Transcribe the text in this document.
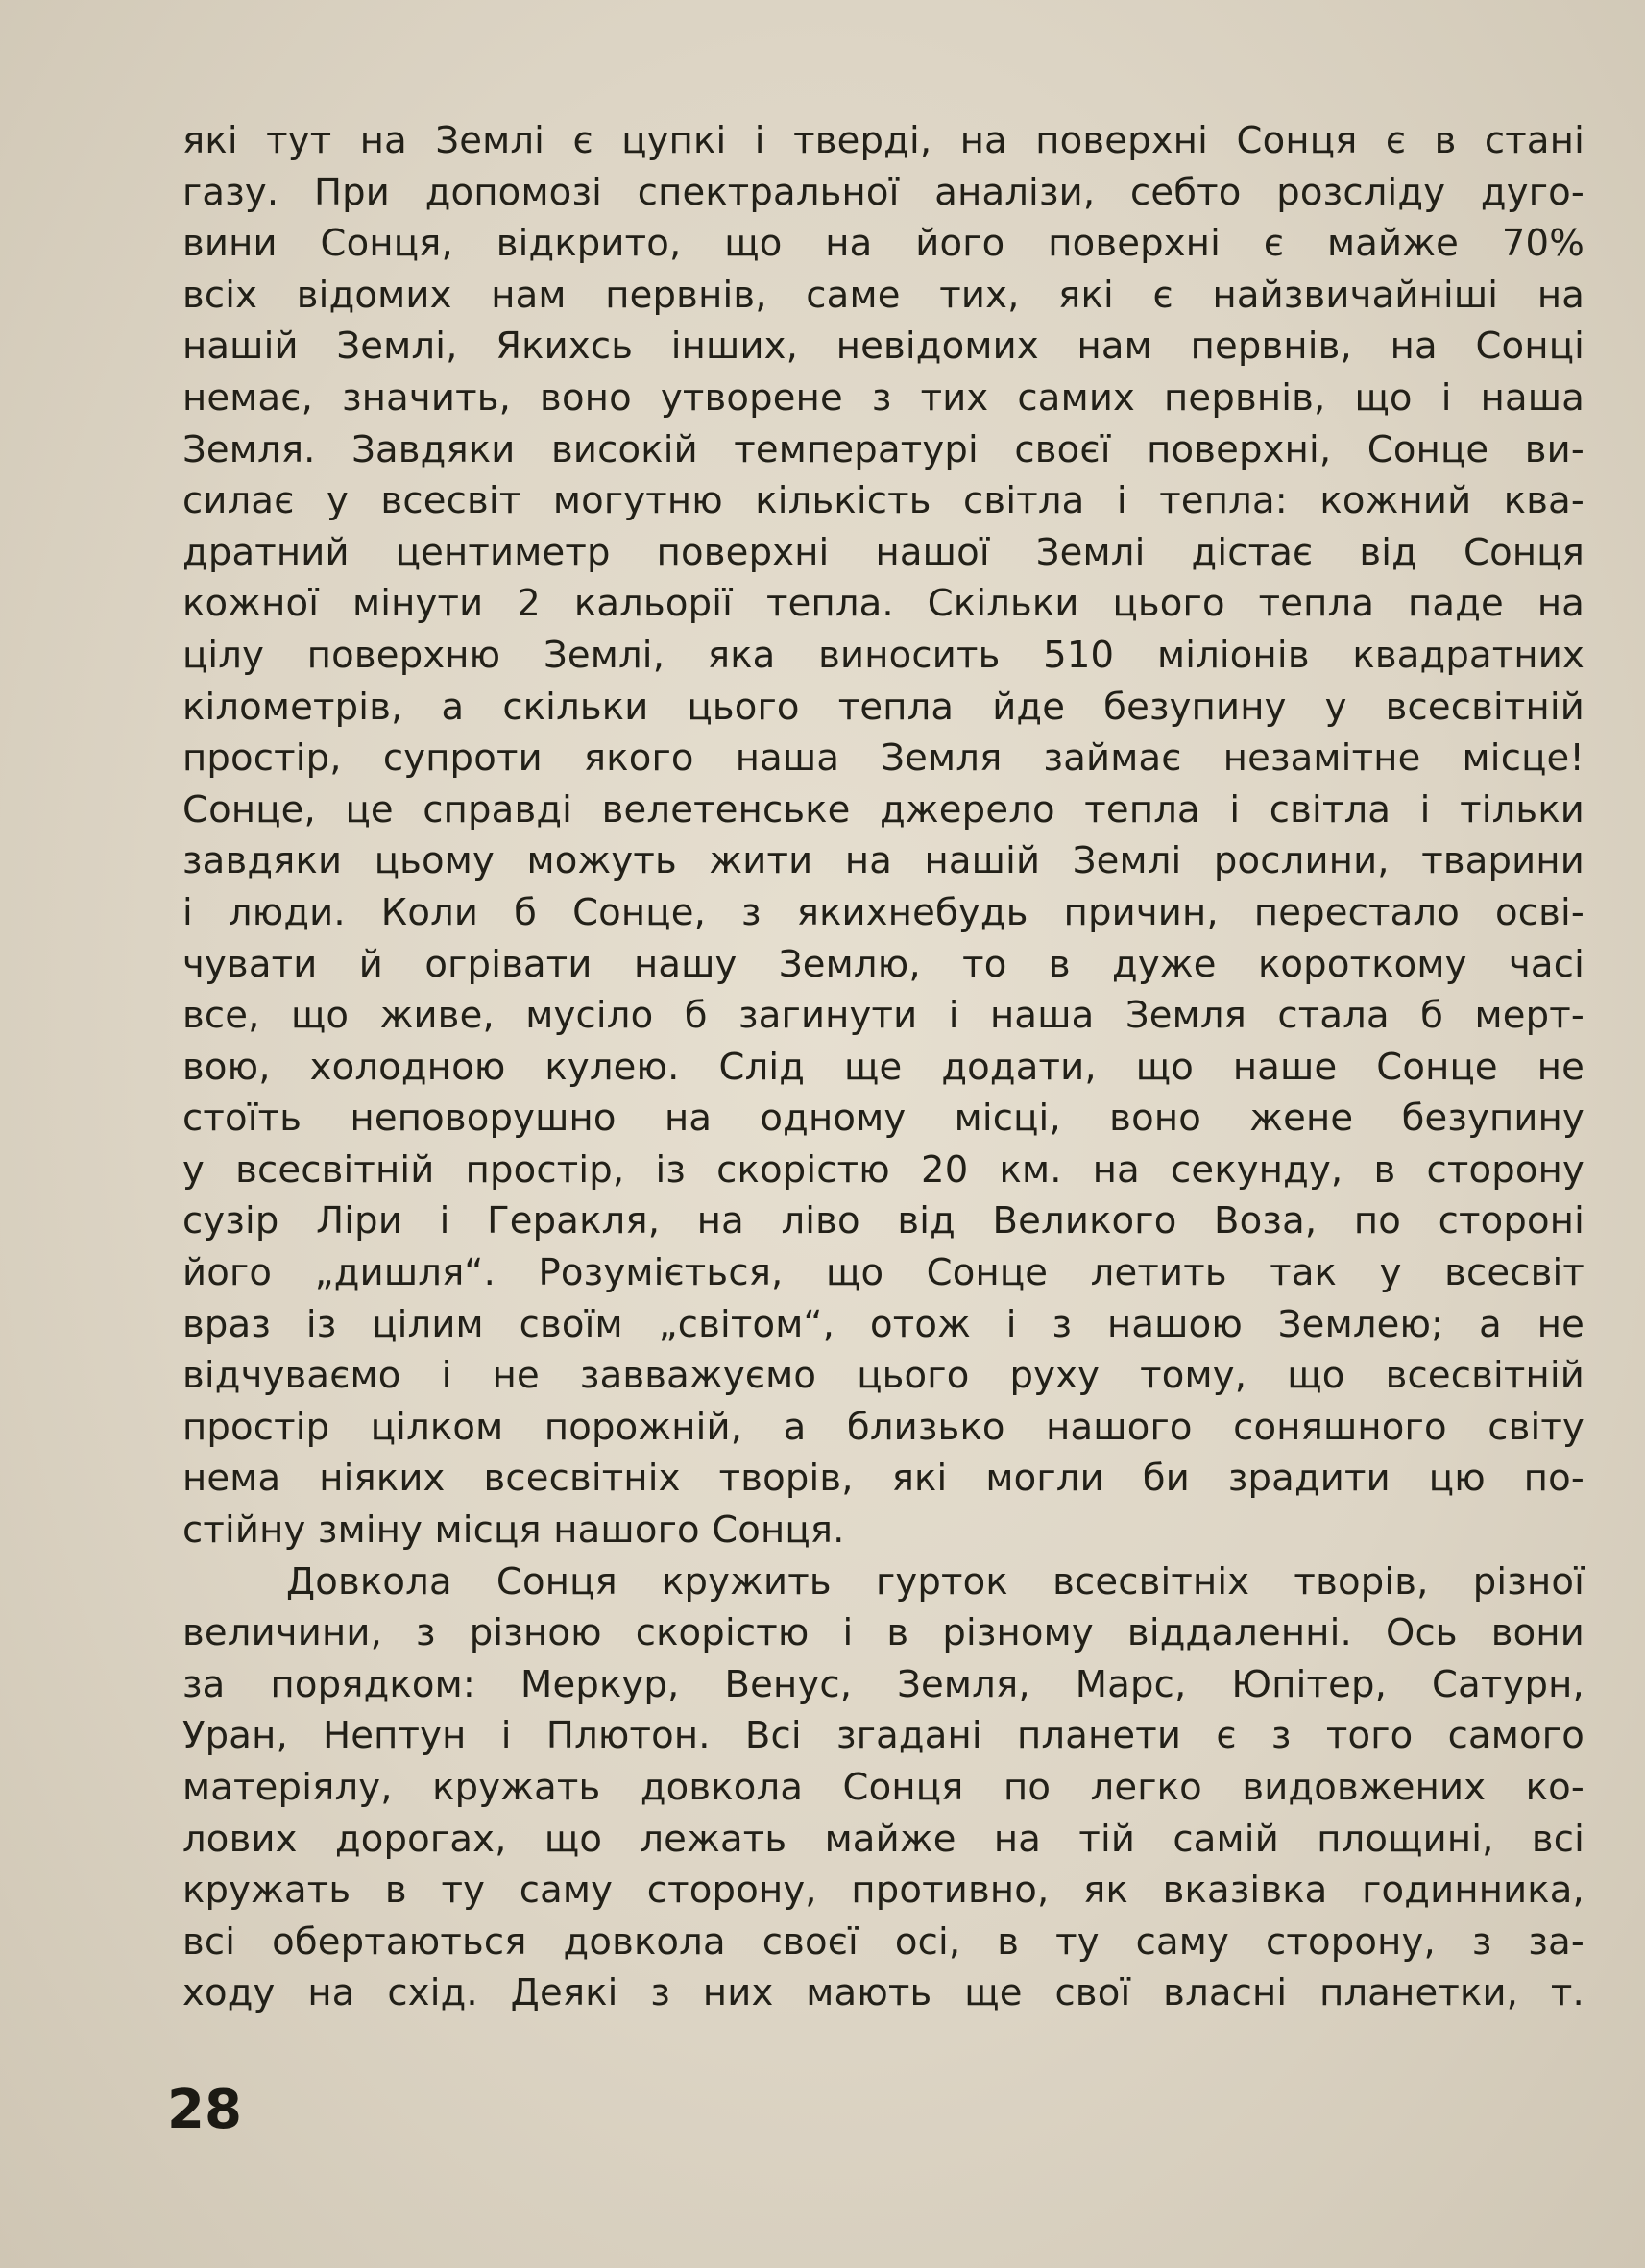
які тут на Землі є цупкі і тверді, на поверхні Сонця є в стані
газу. При допомозі спектральної аналізи, себто розсліду дуго-
вини Сонця, відкрито, що на його поверхні є майже 70%
всіх відомих нам первнів, саме тих, які є найзвичайніші на
нашій Землі, Якихсь інших, невідомих нам первнів, на Сонці
немає, значить, воно утворене з тих самих первнів, що і наша
Земля. Завдяки високій температурі своєї поверхні, Сонце ви-
силає у всесвіт могутню кількість світла і тепла: кожний ква-
дратний центиметр поверхні нашої Землі дістає від Сонця
кожної мінути 2 кальорії тепла. Скільки цього тепла паде на
цілу поверхню Землі, яка виносить 510 міліонів квадратних
кілометрів, а скільки цього тепла йде безупину у всесвітній
простір, супроти якого наша Земля займає незамітне місце!
Сонце, це справді велетенське джерело тепла і світла і тільки
завдяки цьому можуть жити на нашій Землі рослини, тварини
і люди. Коли б Сонце, з якихнебудь причин, перестало осві-
чувати й огрівати нашу Землю, то в дуже короткому часі
все, що живе, мусіло б загинути і наша Земля стала б мерт-
вою, холодною кулею. Слід ще додати, що наше Сонце не
стоїть неповорушно на одному місці, воно жене безупину
у всесвітній простір, із скорістю 20 км. на секунду, в сторону
сузір Ліри і Геракля, на ліво від Великого Воза, по стороні
його „дишля“. Розуміється, що Сонце летить так у всесвіт
враз із цілим своїм „світом“, отож і з нашою Землею; а не
відчуваємо і не завважуємо цього руху тому, що всесвітній
простір цілком порожній, а близько нашого соняшного світу
нема ніяких всесвітніх творів, які могли би зрадити цю по-
стійну зміну місця нашого Сонця.
Довкола Сонця кружить гурток всесвітніх творів, різної
величини, з різною скорістю і в різному віддаленні. Ось вони
за порядком: Меркур, Венус, Земля, Марс, Юпітер, Сатурн,
Уран, Нептун і Плютон. Всі згадані планети є з того самого
матеріялу, кружать довкола Сонця по легко видовжених ко-
лових дорогах, що лежать майже на тій самій площині, всі
кружать в ту саму сторону, противно, як вказівка годинника,
всі обертаються довкола своєї осі, в ту саму сторону, з за-
ходу на схід. Деякі з них мають ще свої власні планетки, т.
28
